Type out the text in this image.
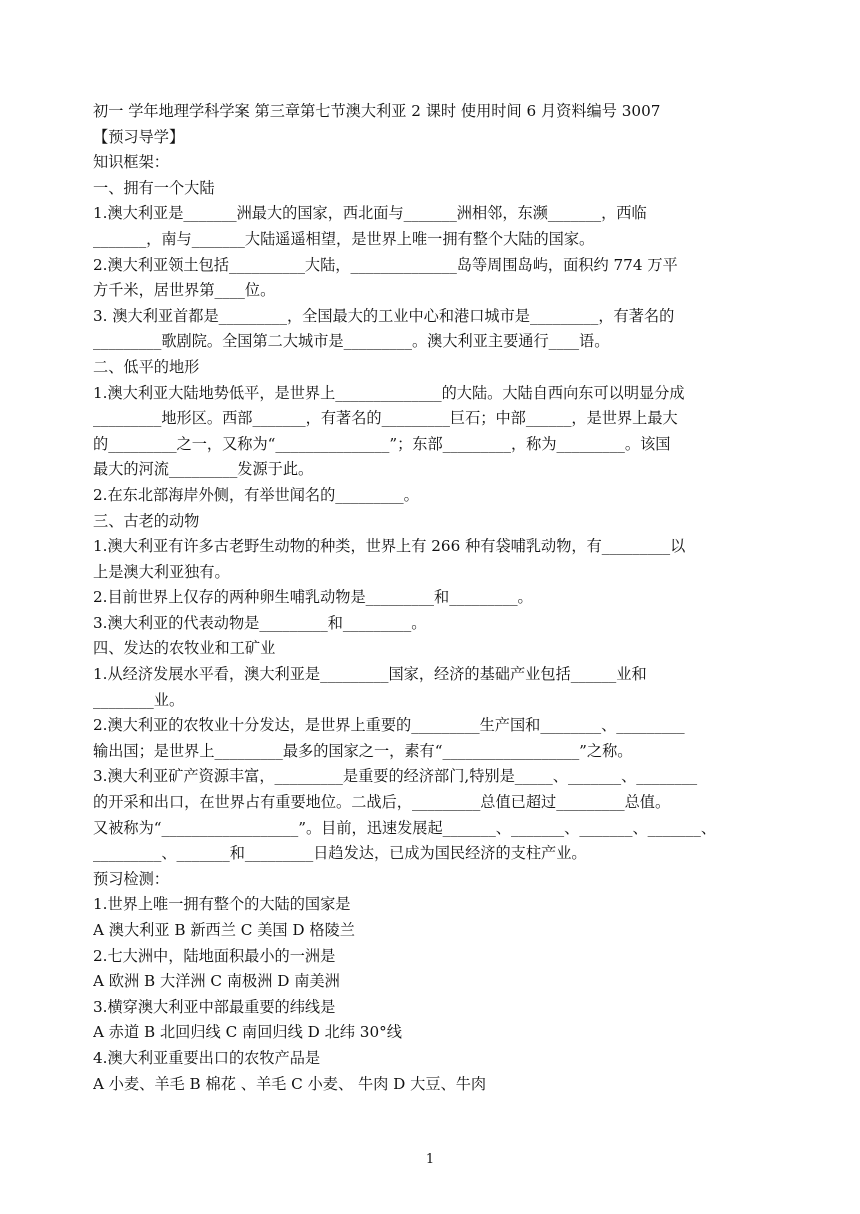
初一 学年地理学科学案 第三章第七节澳大利亚 2 课时 使用时间 6 月资料编号 3007
【预习导学】
知识框架：
一、拥有一个大陆
1.澳大利亚是_______洲最大的国家，西北面与_______洲相邻，东濒_______，西临
_______，南与_______大陆遥遥相望，是世界上唯一拥有整个大陆的国家。
2.澳大利亚领土包括__________大陆，______________岛等周围岛屿，面积约 774 万平
方千米，居世界第____位。
3. 澳大利亚首都是_________，全国最大的工业中心和港口城市是_________，有著名的
_________歌剧院。全国第二大城市是_________。澳大利亚主要通行____语。
二、低平的地形
1.澳大利亚大陆地势低平，是世界上______________的大陆。大陆自西向东可以明显分成
_________地形区。西部_______，有著名的_________巨石；中部______，是世界上最大
的_________之一，又称为“_______________”；东部_________，称为_________。该国
最大的河流_________发源于此。
2.在东北部海岸外侧，有举世闻名的_________。
三、古老的动物
1.澳大利亚有许多古老野生动物的种类，世界上有 266 种有袋哺乳动物，有_________以
上是澳大利亚独有。
2.目前世界上仅存的两种卵生哺乳动物是_________和_________。
3.澳大利亚的代表动物是_________和_________。
四、发达的农牧业和工矿业
1.从经济发展水平看，澳大利亚是_________国家，经济的基础产业包括______业和
________业。
2.澳大利亚的农牧业十分发达，是世界上重要的_________生产国和________、_________
输出国；是世界上_________最多的国家之一，素有“__________________”之称。
3.澳大利亚矿产资源丰富，_________是重要的经济部门,特别是_____、_______、________
的开采和出口，在世界占有重要地位。二战后，_________总值已超过_________总值。
又被称为“__________________”。目前，迅速发展起_______、_______、_______、_______、
_________、_______和_________日趋发达，已成为国民经济的支柱产业。
预习检测：
1.世界上唯一拥有整个的大陆的国家是
A 澳大利亚 B 新西兰 C 美国 D 格陵兰
2.七大洲中，陆地面积最小的一洲是
A 欧洲 B 大洋洲 C 南极洲 D 南美洲
3.横穿澳大利亚中部最重要的纬线是
A 赤道 B 北回归线 C 南回归线 D 北纬 30°线
4.澳大利亚重要出口的农牧产品是
A 小麦、羊毛 B 棉花 、羊毛 C 小麦、 牛肉 D 大豆、牛肉
1
